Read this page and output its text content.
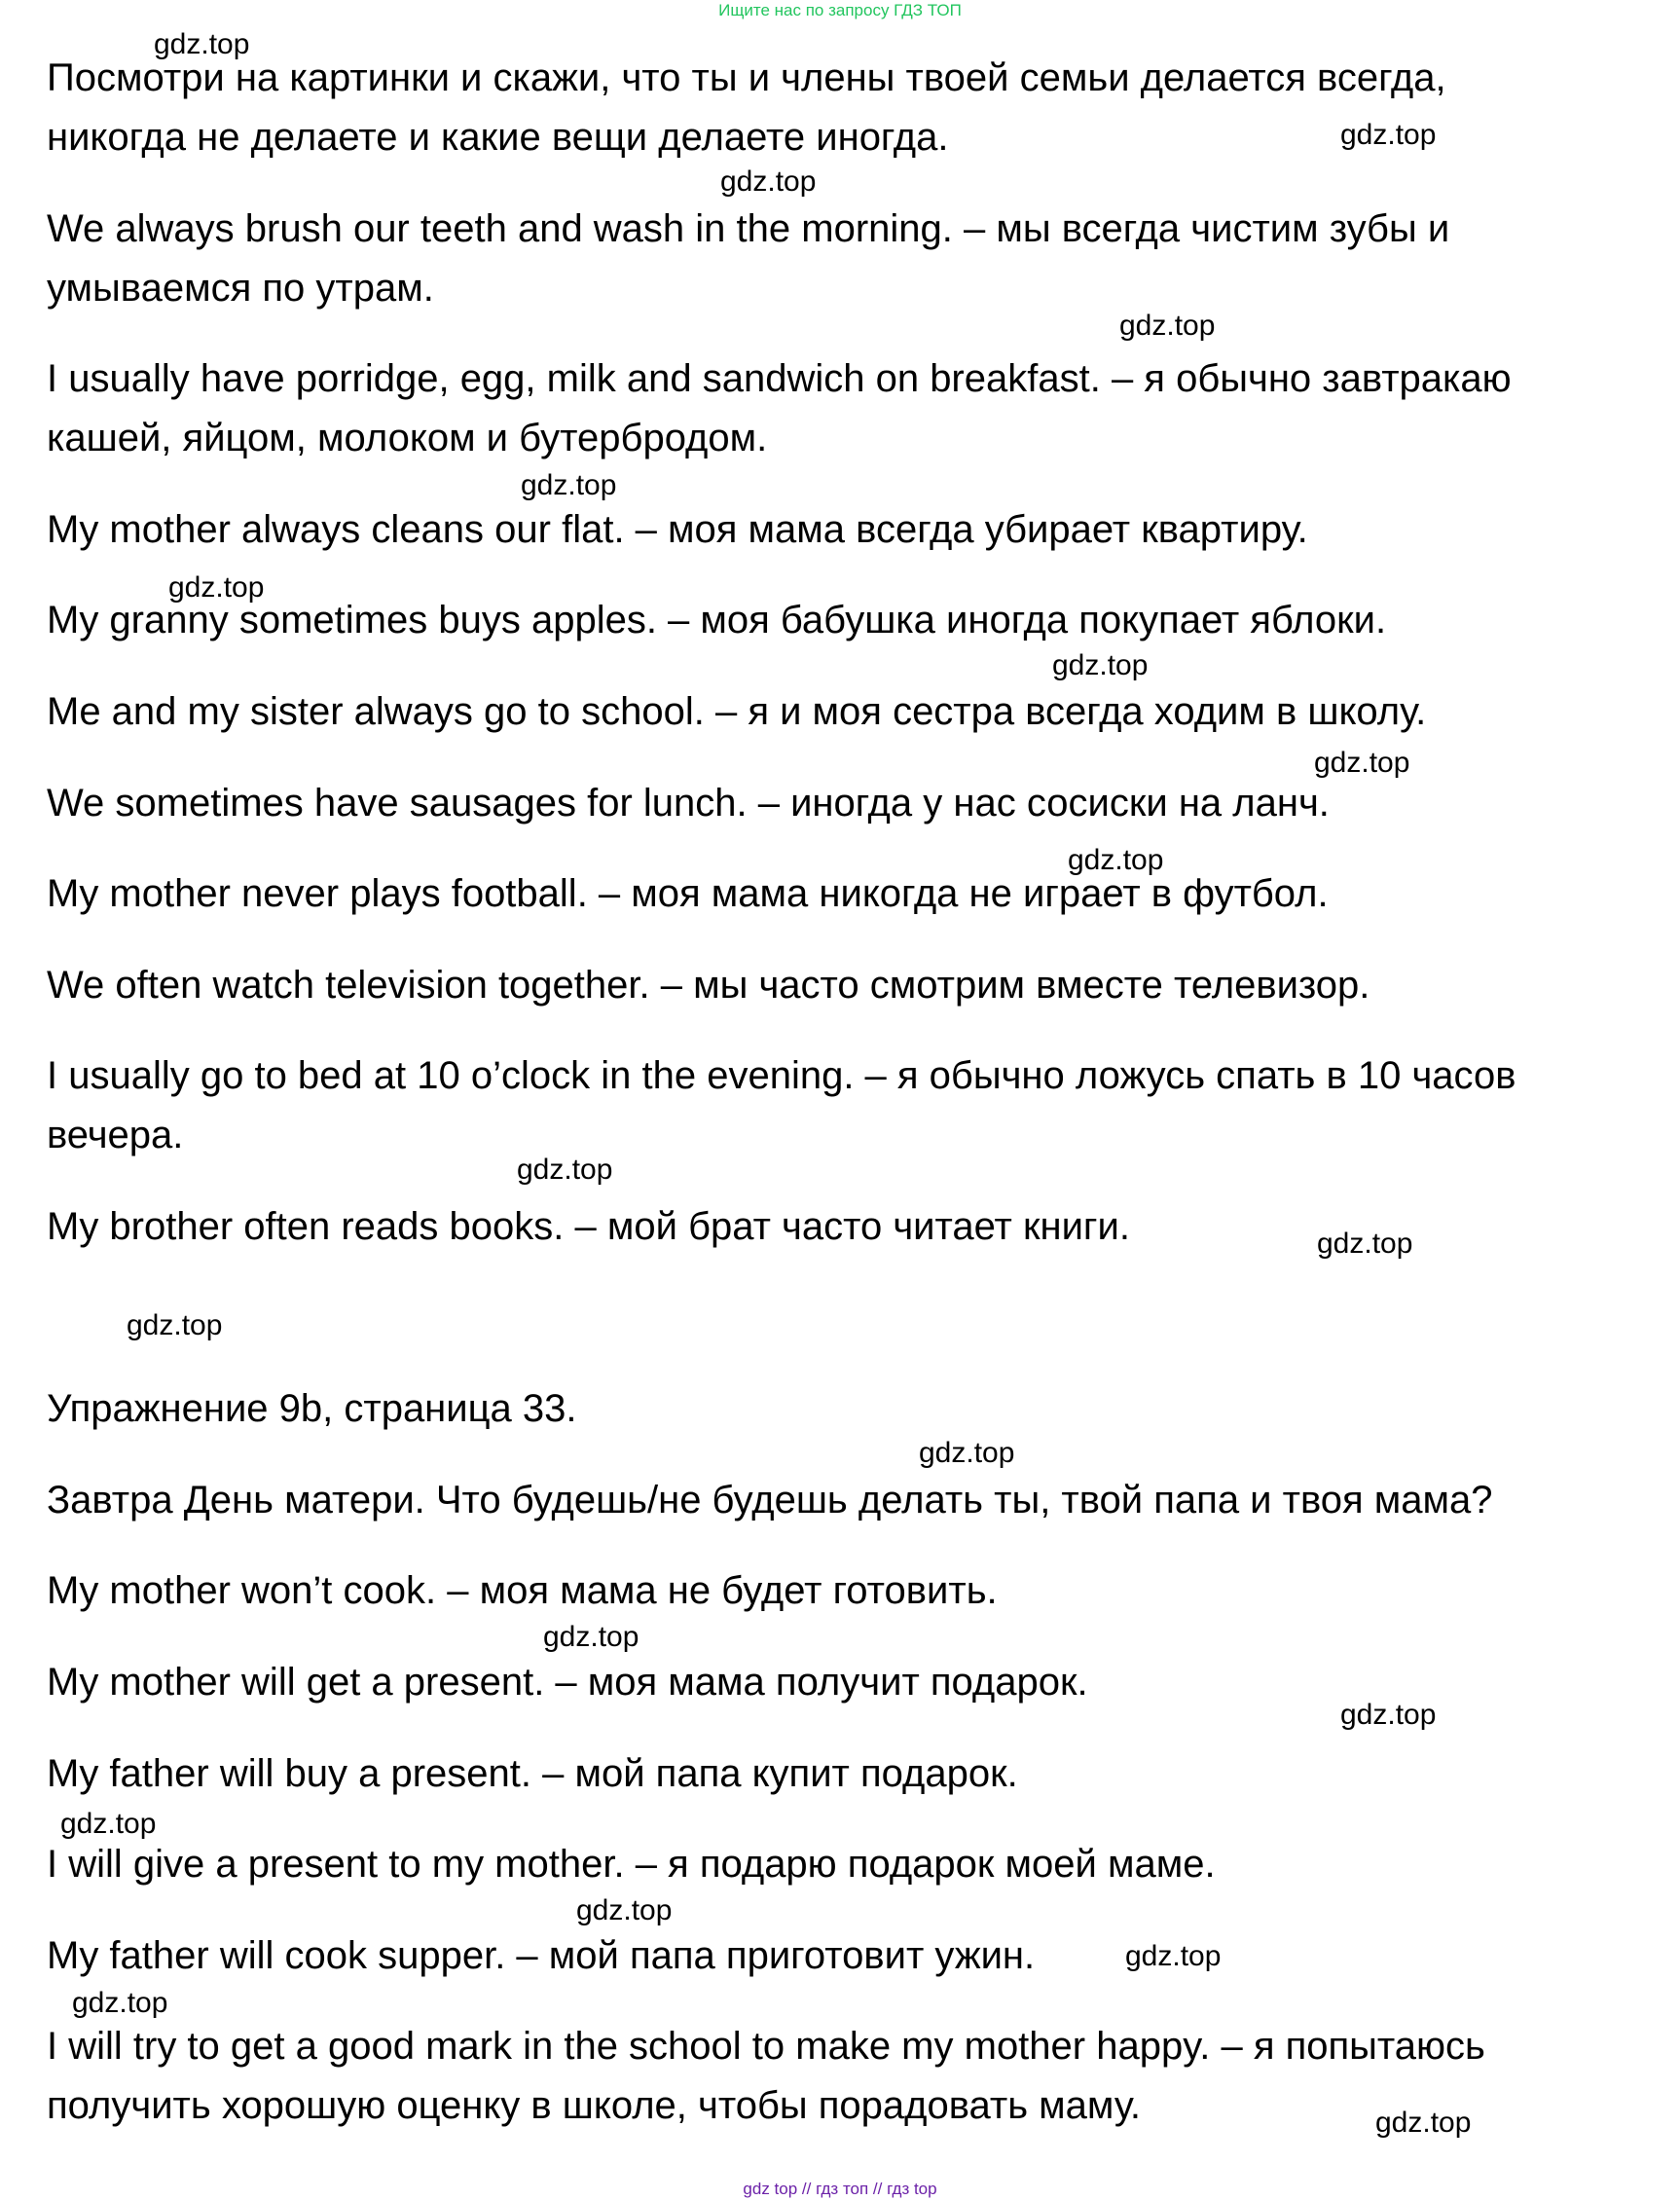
Ищите нас по запросу ГДЗ ТОП
Посмотри на картинки и скажи, что ты и члены твоей семьи делается всегда,
никогда не делаете и какие вещи делаете иногда.
We always brush our teeth and wash in the morning. – мы всегда чистим зубы и
умываемся по утрам.
I usually have porridge, egg, milk and sandwich on breakfast. – я обычно завтракаю
кашей, яйцом, молоком и бутербродом.
My mother always cleans our flat. – моя мама всегда убирает квартиру.
My granny sometimes buys apples. – моя бабушка иногда покупает яблоки.
Me and my sister always go to school. – я и моя сестра всегда ходим в школу.
We sometimes have sausages for lunch. – иногда у нас сосиски на ланч.
My mother never plays football. – моя мама никогда не играет в футбол.
We often watch television together. – мы часто смотрим вместе телевизор.
I usually go to bed at 10 o’clock in the evening. – я обычно ложусь спать в 10 часов
вечера.
My brother often reads books. – мой брат часто читает книги.
Упражнение 9b, страница 33.
Завтра День матери. Что будешь/не будешь делать ты, твой папа и твоя мама?
My mother won’t cook. – моя мама не будет готовить.
My mother will get a present. – моя мама получит подарок.
My father will buy a present. – мой папа купит подарок.
I will give a present to my mother. – я подарю подарок моей маме.
My father will cook supper. – мой папа приготовит ужин.
I will try to get a good mark in the school to make my mother happy. – я попытаюсь
получить хорошую оценку в школе, чтобы порадовать маму.
gdz.top
gdz.top
gdz.top
gdz.top
gdz.top
gdz.top
gdz.top
gdz.top
gdz.top
gdz.top
gdz.top
gdz.top
gdz.top
gdz.top
gdz.top
gdz.top
gdz.top
gdz.top
gdz.top
gdz.top
gdz top // гдз топ // гдз top
